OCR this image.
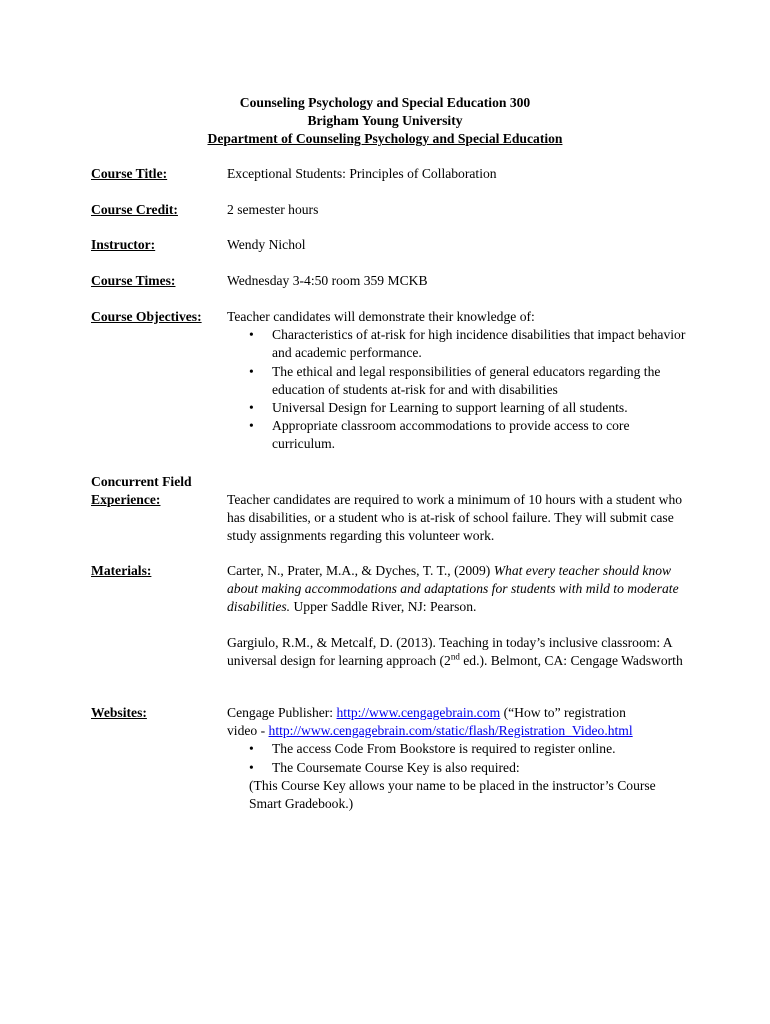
Counseling Psychology and Special Education 300
Brigham Young University
Department of Counseling Psychology and Special Education
Course Title:	Exceptional Students: Principles of Collaboration
Course Credit:	2 semester hours
Instructor:	Wendy Nichol
Course Times:	Wednesday 3-4:50 room 359 MCKB
Course Objectives: Teacher candidates will demonstrate their knowledge of:
• Characteristics of at-risk for high incidence disabilities that impact behavior and academic performance.
• The ethical and legal responsibilities of general educators regarding the education of students at-risk for and with disabilities
• Universal Design for Learning to support learning of all students.
• Appropriate classroom accommodations to provide access to core curriculum.
Concurrent Field
Experience:	Teacher candidates are required to work a minimum of 10 hours with a student who has disabilities, or a student who is at-risk of school failure. They will submit case study assignments regarding this volunteer work.
Materials:	Carter, N., Prater, M.A., & Dyches, T. T., (2009) What every teacher should know about making accommodations and adaptations for students with mild to moderate disabilities. Upper Saddle River, NJ: Pearson.
Gargiulo, R.M., & Metcalf, D. (2013). Teaching in today’s inclusive classroom: A universal design for learning approach (2nd ed.). Belmont, CA: Cengage Wadsworth
Websites:	Cengage Publisher: http://www.cengagebrain.com (“How to” registration
video - http://www.cengagebrain.com/static/flash/Registration_Video.html
• The access Code From Bookstore is required to register online.
• The Coursemate Course Key is also required:
(This Course Key allows your name to be placed in the instructor’s Course Smart Gradebook.)
